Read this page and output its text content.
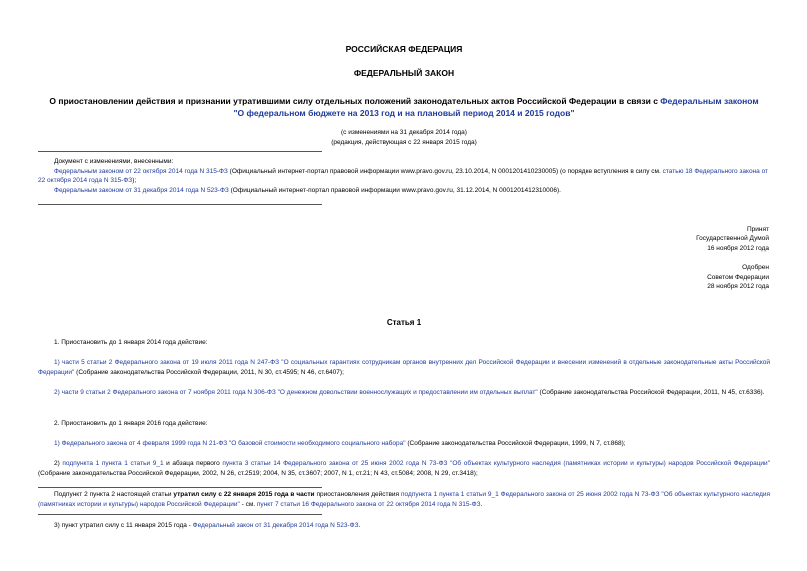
РОССИЙСКАЯ ФЕДЕРАЦИЯ
ФЕДЕРАЛЬНЫЙ ЗАКОН
О приостановлении действия и признании утратившими силу отдельных положений законодательных актов Российской Федерации в связи с Федеральным законом "О федеральном бюджете на 2013 год и на плановый период 2014 и 2015 годов"
(с изменениями на 31 декабря 2014 года)
(редакция, действующая с 22 января 2015 года)
Документ с изменениями, внесенными:
Федеральным законом от 22 октября 2014 года N 315-ФЗ (Официальный интернет-портал правовой информации www.pravo.gov.ru, 23.10.2014, N 0001201410230005) (о порядке вступления в силу см. статью 18 Федерального закона от 22 октября 2014 года N 315-ФЗ);
Федеральным законом от 31 декабря 2014 года N 523-ФЗ (Официальный интернет-портал правовой информации www.pravo.gov.ru, 31.12.2014, N 0001201412310006).
Принят
Государственной Думой
16 ноября 2012 года
Одобрен
Советом Федерации
28 ноября 2012 года
Статья 1
1. Приостановить до 1 января 2014 года действие:
1) части 5 статьи 2 Федерального закона от 19 июля 2011 года N 247-ФЗ "О социальных гарантиях сотрудникам органов внутренних дел Российской Федерации и внесении изменений в отдельные законодательные акты Российской Федерации" (Собрание законодательства Российской Федерации, 2011, N 30, ст.4595; N 46, ст.6407);
2) части 9 статьи 2 Федерального закона от 7 ноября 2011 года N 306-ФЗ "О денежном довольствии военнослужащих и предоставлении им отдельных выплат" (Собрание законодательства Российской Федерации, 2011, N 45, ст.6336).
2. Приостановить до 1 января 2016 года действие:
1) Федерального закона от 4 февраля 1999 года N 21-ФЗ "О базовой стоимости необходимого социального набора" (Собрание законодательства Российской Федерации, 1999, N 7, ст.868);
2) подпункта 1 пункта 1 статьи 9_1 и абзаца первого пункта 3 статьи 14 Федерального закона от 25 июня 2002 года N 73-ФЗ "Об объектах культурного наследия (памятниках истории и культуры) народов Российской Федерации" (Собрание законодательства Российской Федерации, 2002, N 26, ст.2519; 2004, N 35, ст.3607; 2007, N 1, ст.21; N 43, ст.5084; 2008, N 29, ст.3418);
Подпункт 2 пункта 2 настоящей статьи утратил силу с 22 января 2015 года в части приостановления действия подпункта 1 пункта 1 статьи 9_1 Федерального закона от 25 июня 2002 года N 73-ФЗ "Об объектах культурного наследия (памятниках истории и культуры) народов Российской Федерации" - см. пункт 7 статьи 16 Федерального закона от 22 октября 2014 года N 315-ФЗ.
3) пункт утратил силу с 11 января 2015 года - Федеральный закон от 31 декабря 2014 года N 523-ФЗ.
